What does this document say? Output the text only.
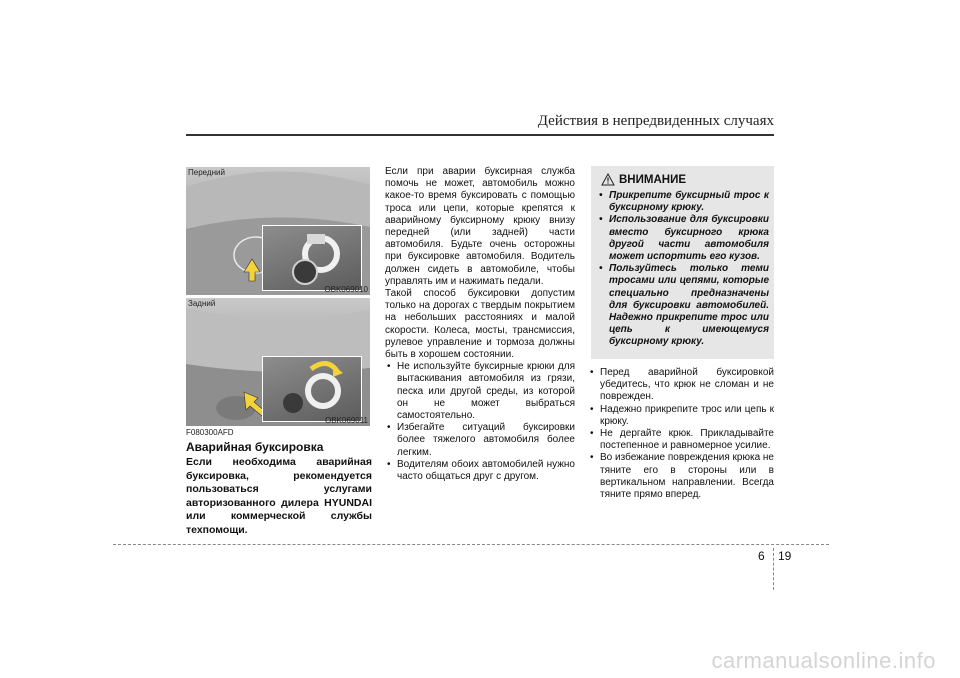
Действия в непредвиденных случаях
Передний
OBK069010
Задний
OBK069011
F080300AFD
Аварийная буксировка

Если необходима аварийная буксировка, рекомендуется пользоваться услугами авторизованного дилера HYUNDAI или коммерческой службы техпомощи.

Если при аварии буксирная служба помочь не может, автомобиль можно какое-то время буксировать с помощью троса или цепи, которые крепятся к аварийному буксирному крюку внизу передней (или задней) части автомобиля. Будьте очень осторожны при буксировке автомобиля. Водитель должен сидеть в автомобиле, чтобы управлять им и нажимать педали.

Такой способ буксировки допустим только на дорогах с твердым покрытием на небольших расстояниях и малой скорости. Колеса, мосты, трансмиссия, рулевое управление и тормоза должны быть в хорошем состоянии.

• Не используйте буксирные крюки для вытаскивания автомобиля из грязи, песка или другой среды, из которой он не может выбраться самостоятельно.
• Избегайте ситуаций буксировки более тяжелого автомобиля более легким.
• Водителям обоих автомобилей нужно часто общаться друг с другом.
ВНИМАНИЕ
• Прикрепите буксирный трос к буксирному крюку.
• Использование для буксировки вместо буксирного крюка другой части автомобиля может испортить его кузов.
• Пользуйтесь только теми тросами или цепями, которые специально предназначены для буксировки автомобилей. Надежно прикрепите трос или цепь к имеющемуся буксирному крюку.
• Перед аварийной буксировкой убедитесь, что крюк не сломан и не поврежден.
• Надежно прикрепите трос или цепь к крюку.
• Не дергайте крюк. Прикладывайте постепенное и равномерное усилие.
• Во избежание повреждения крюка не тяните его в стороны или в вертикальном направлении. Всегда тяните прямо вперед.
6 19
carmanualsonline.info
